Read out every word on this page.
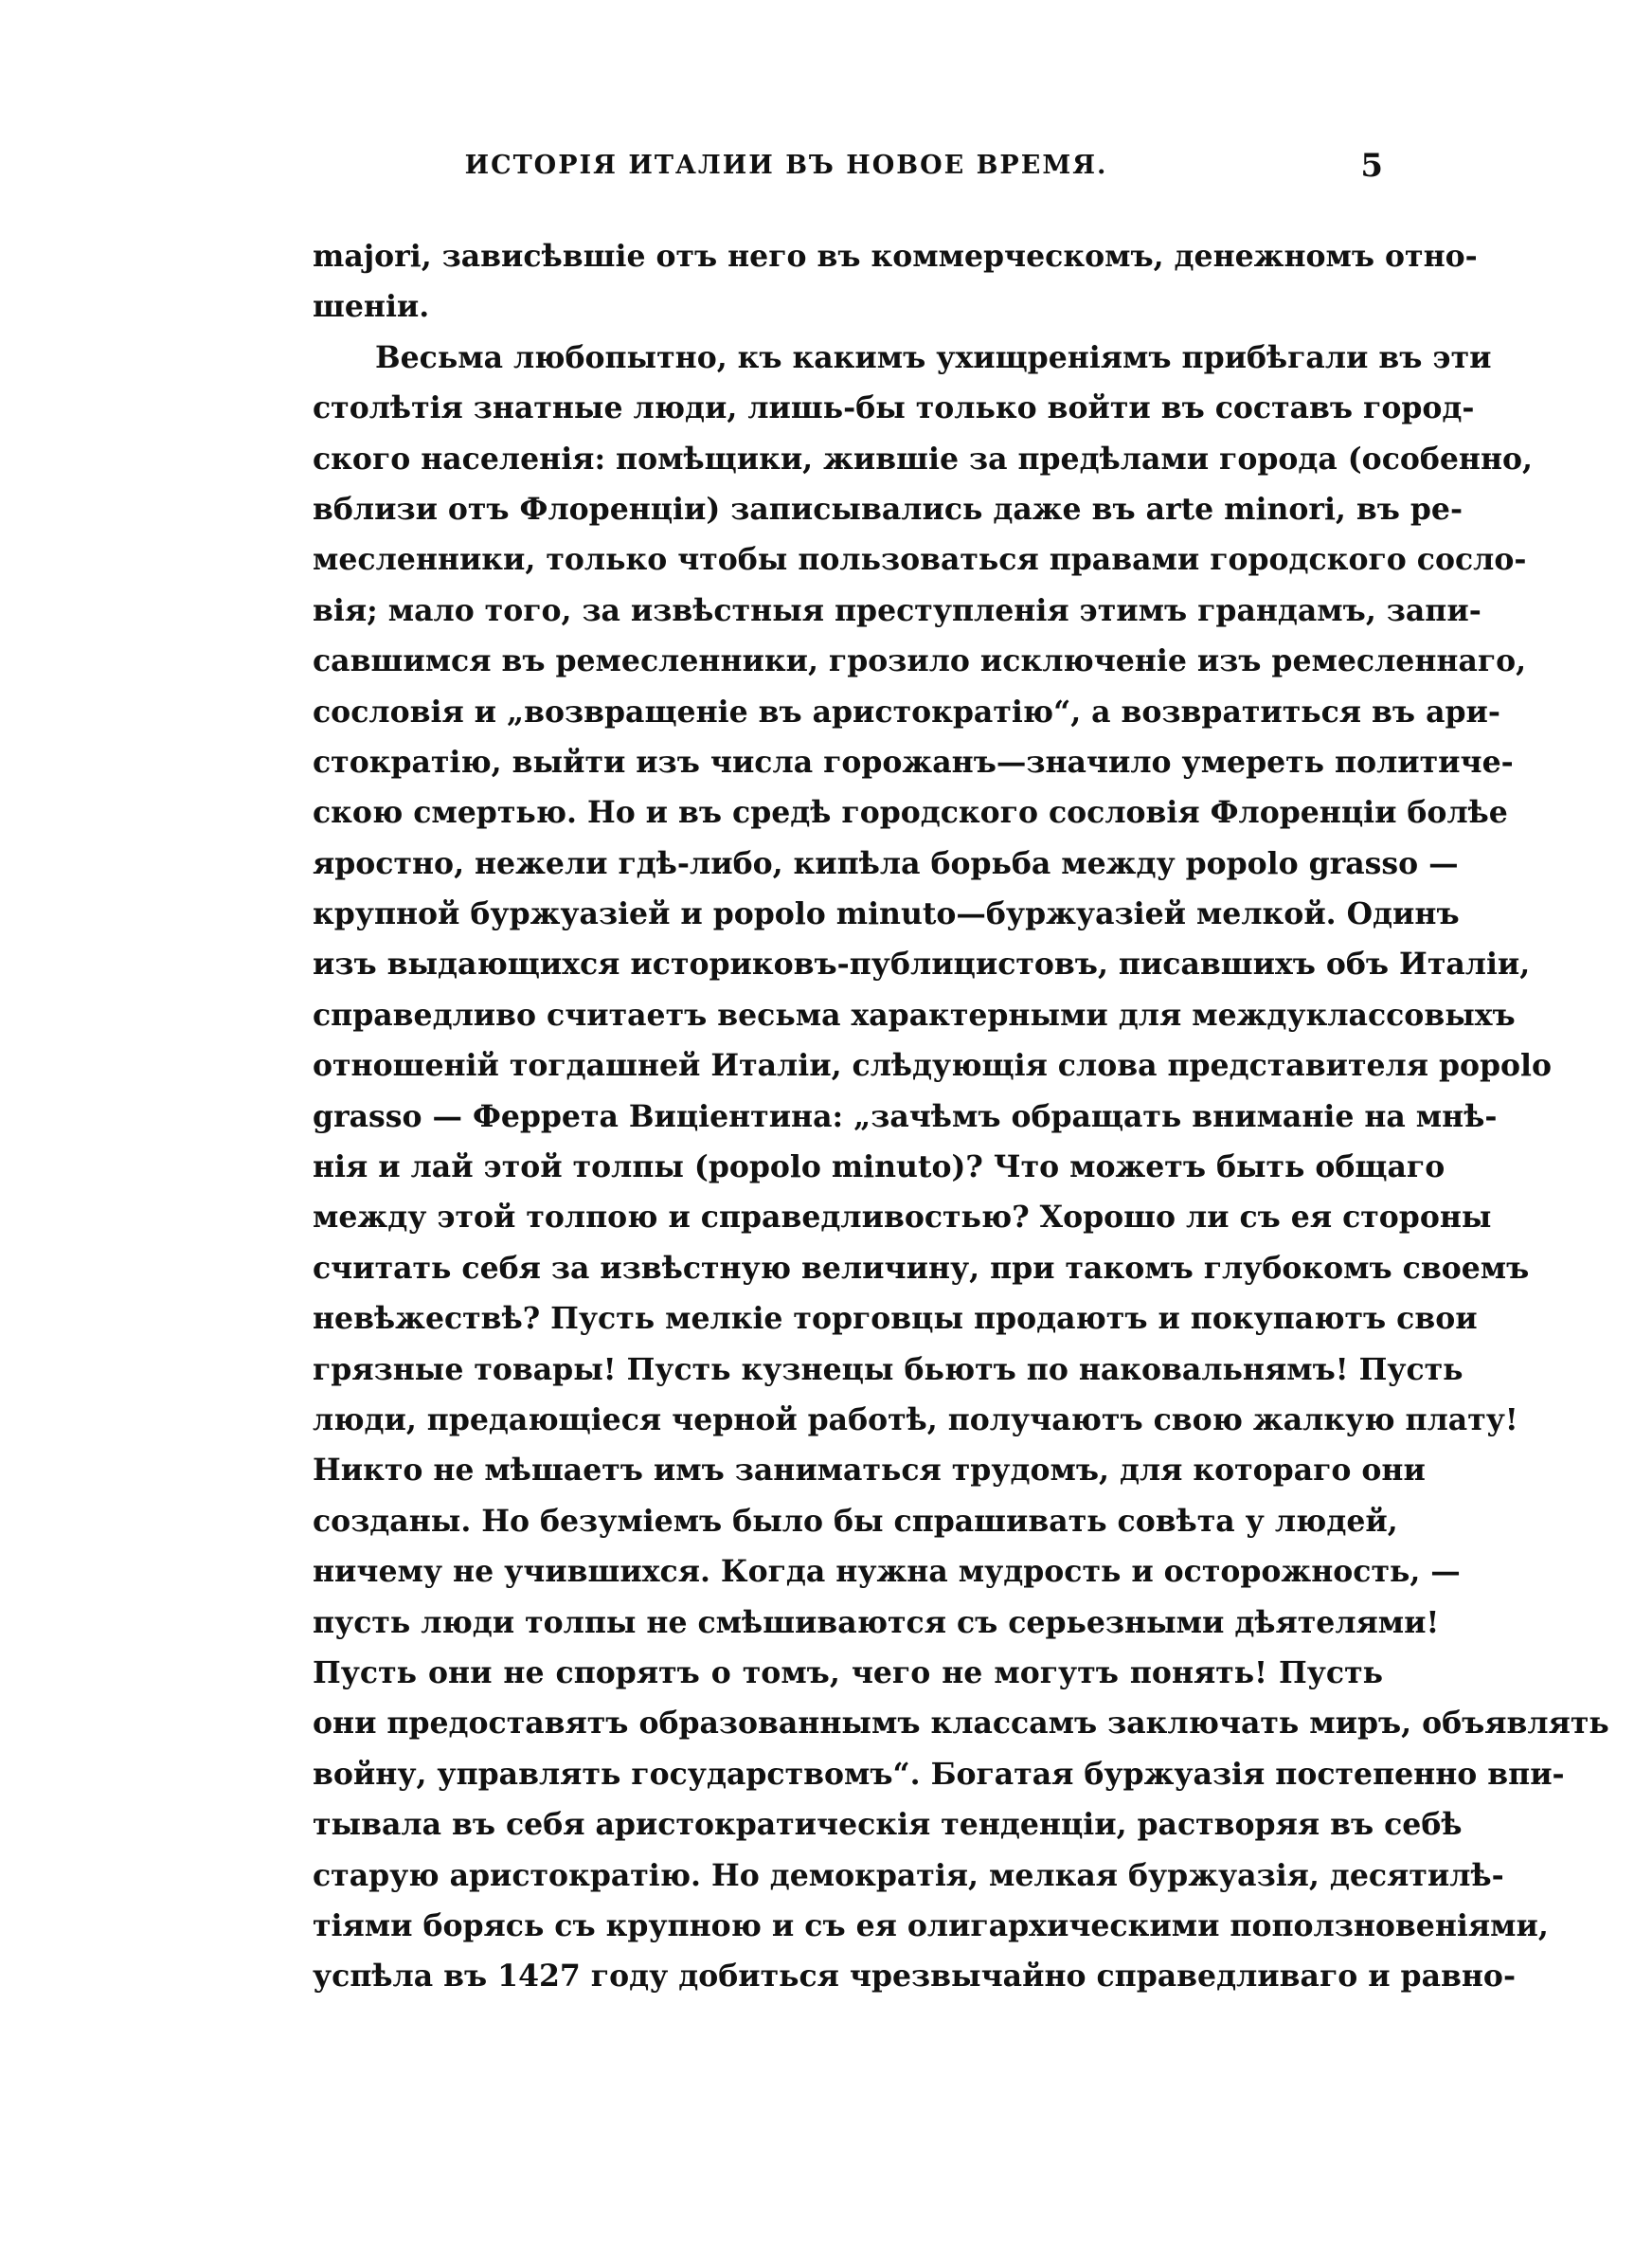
ИСТОРІЯ ИТАЛИИ ВЪ НОВОЕ ВРЕМЯ.	5
majori, зависѣвшіе отъ него въ коммерческомъ, денежномъ отно-
шеніи.
Весьма любопытно, къ какимъ ухищреніямъ прибѣгали въ эти
столѣтія знатные люди, лишь-бы только войти въ составъ город-
ского населенія: помѣщики, жившіе за предѣлами города (особенно,
вблизи отъ Флоренціи) записывались даже въ arte minori, въ ре-
месленники, только чтобы пользоваться правами городского сосло-
вія; мало того, за извѣстныя преступленія этимъ грандамъ, запи-
савшимся въ ремесленники, грозило исключеніе изъ ремесленнаго,
сословія и „возвращеніе въ аристократію“, а возвратиться въ ари-
стократію, выйти изъ числа горожанъ—значило умереть политиче-
скою смертью. Но и въ средѣ городского сословія Флоренціи болѣе
яростно, нежели гдѣ-либо, кипѣла борьба между popolo grasso —
крупной буржуазіей и popolo minuto—буржуазіей мелкой. Одинъ
изъ выдающихся историковъ-публицистовъ, писавшихъ объ Италіи,
справедливо считаетъ весьма характерными для междуклассовыхъ
отношеній тогдашней Италіи, слѣдующія слова представителя popolo
grasso — Феррета Виціентина: „зачѣмъ обращать вниманіе на мнѣ-
нія и лай этой толпы (popolo minuto)? Что можетъ быть общаго
между этой толпою и справедливостью? Хорошо ли съ ея стороны
считать себя за извѣстную величину, при такомъ глубокомъ своемъ
невѣжествѣ? Пусть мелкіе торговцы продаютъ и покупаютъ свои
грязные товары! Пусть кузнецы бьютъ по наковальнямъ! Пусть
люди, предающіеся черной работѣ, получаютъ свою жалкую плату!
Никто не мѣшаетъ имъ заниматься трудомъ, для котораго они
созданы. Но безуміемъ было бы спрашивать совѣта у людей,
ничему не учившихся. Когда нужна мудрость и осторожность, —
пусть люди толпы не смѣшиваются съ серьезными дѣятелями!
Пусть они не спорятъ о томъ, чего не могутъ понять! Пусть
они предоставятъ образованнымъ классамъ заключать миръ, объявлять
войну, управлять государствомъ“. Богатая буржуазія постепенно впи-
тывала въ себя аристократическія тенденціи, растворяя въ себѣ
старую аристократію. Но демократія, мелкая буржуазія, десятилѣ-
тіями борясь съ крупною и съ ея олигархическими поползновеніями,
успѣла въ 1427 году добиться чрезвычайно справедливаго и равно-
